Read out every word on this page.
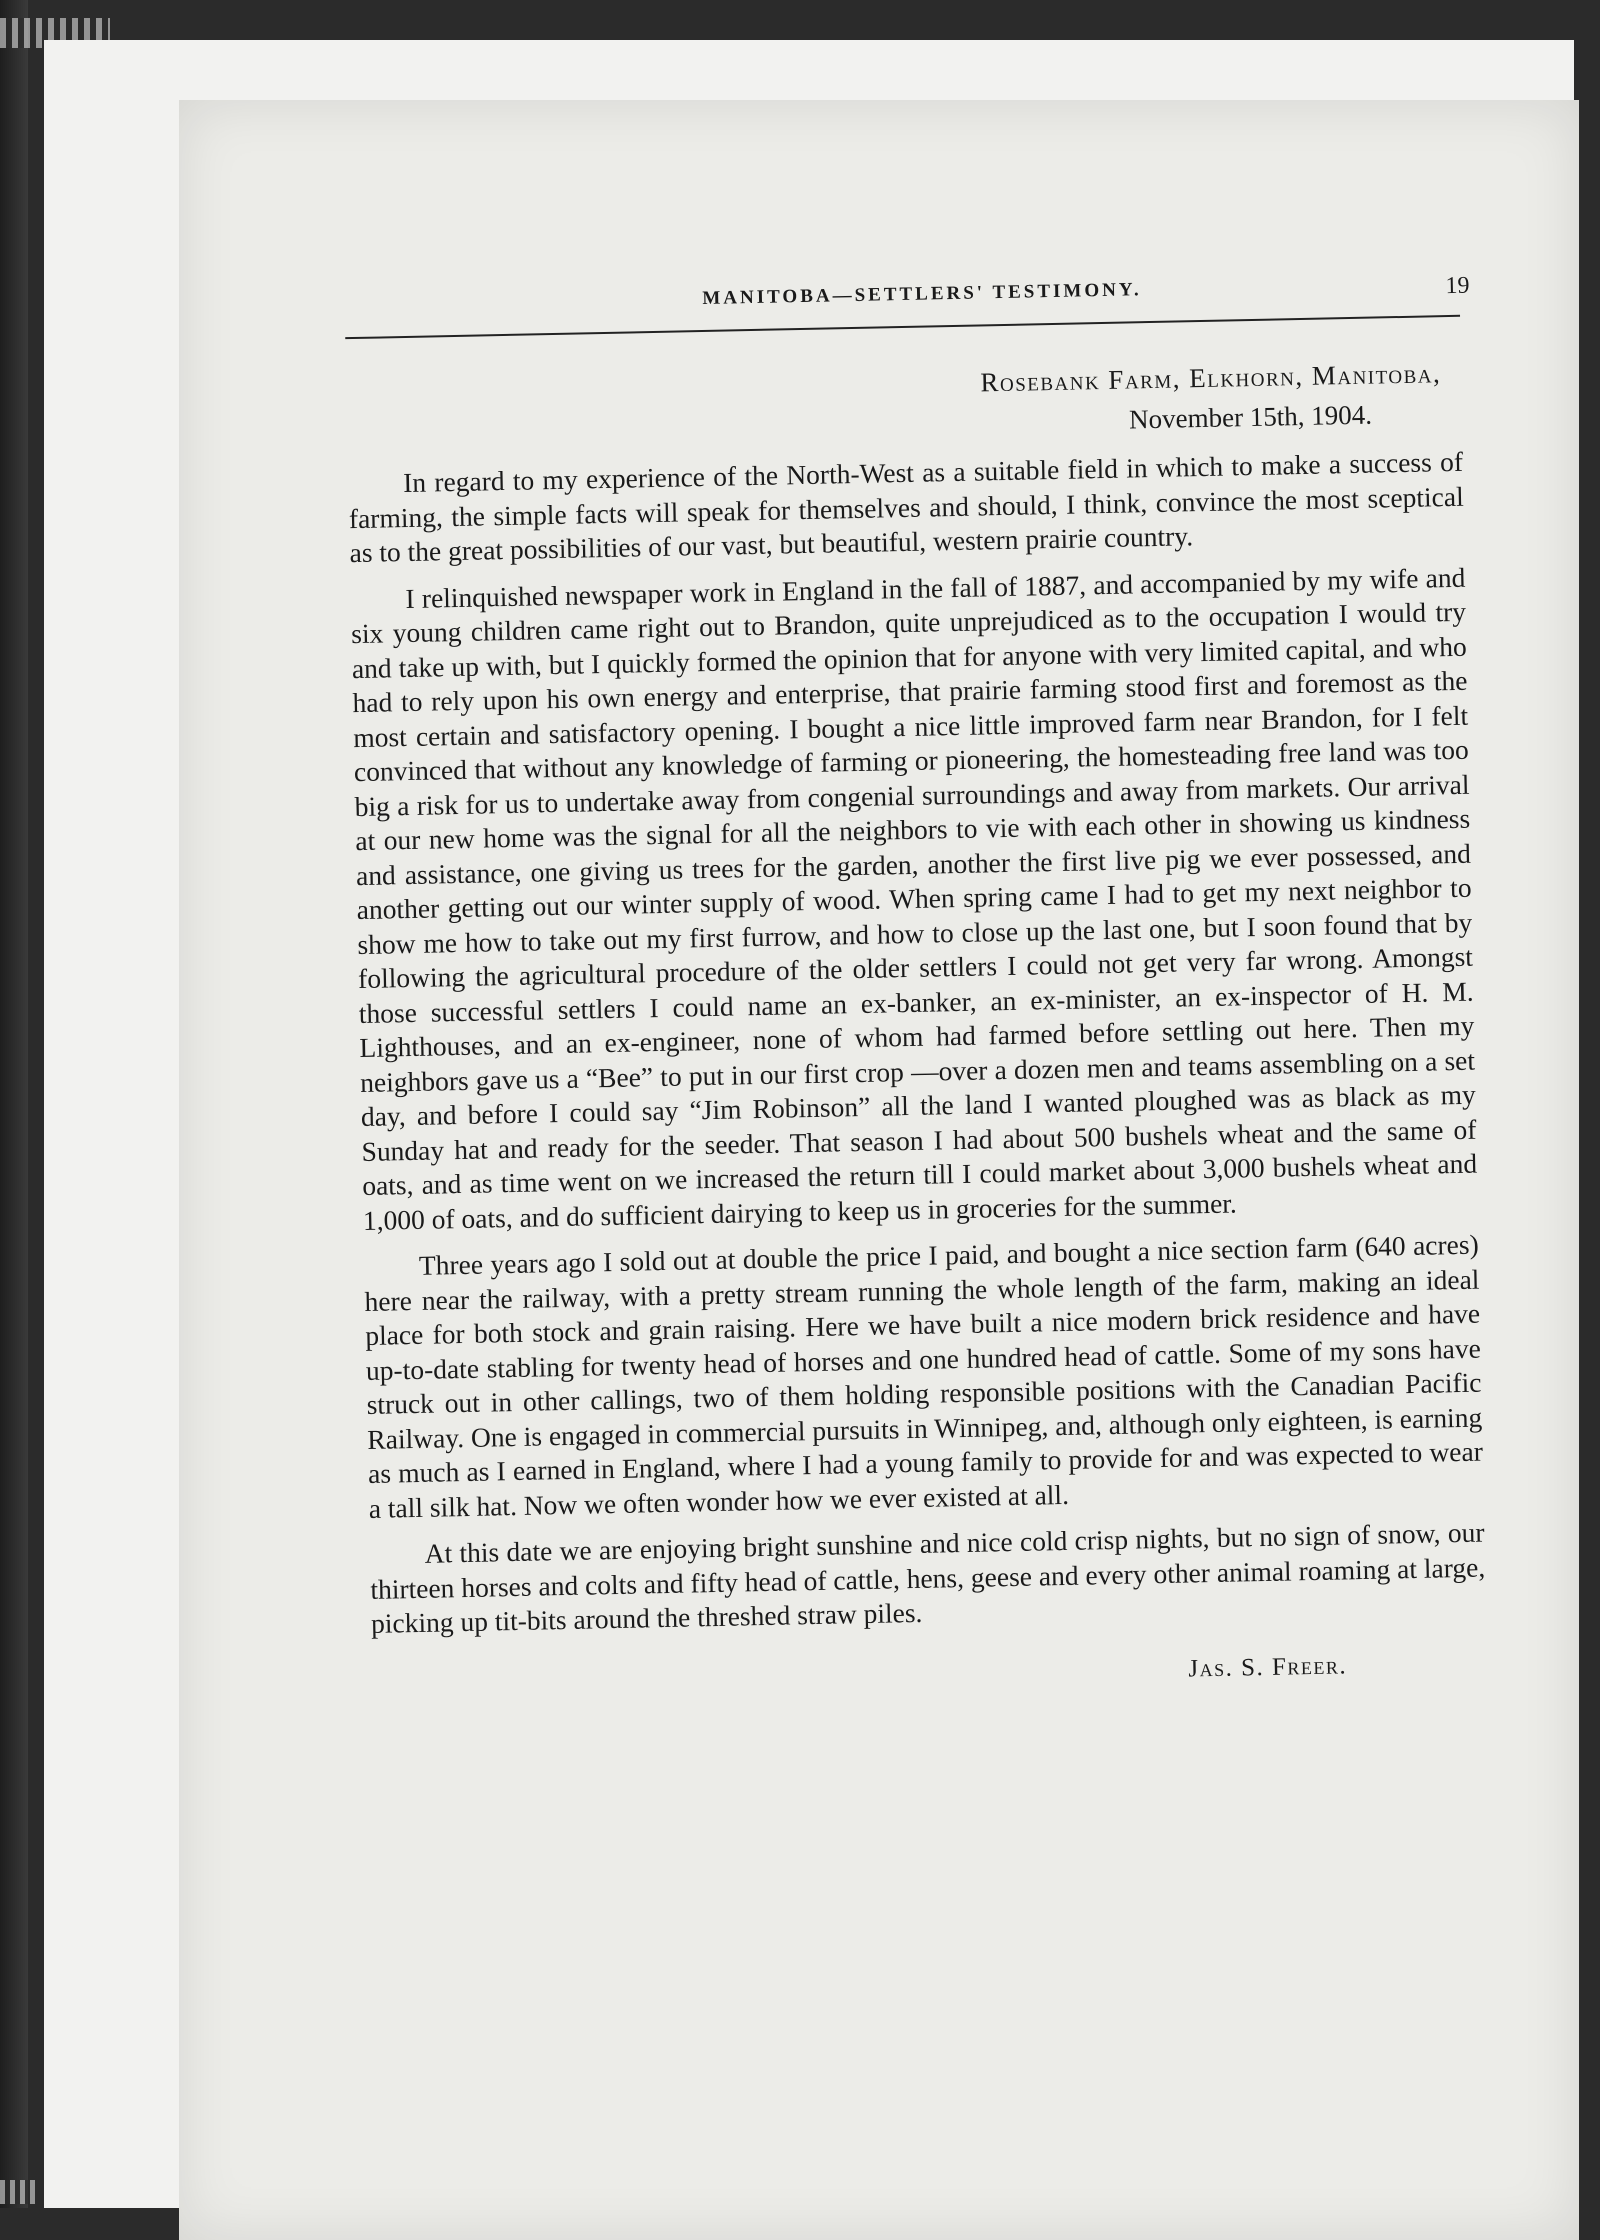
MANITOBA—SETTLERS' TESTIMONY.	19
Rosebank Farm, Elkhorn, Manitoba,
November 15th, 1904.

In regard to my experience of the North-West as a suitable field in which to make a success of farming, the simple facts will speak for themselves and should, I think, convince the most sceptical as to the great possibilities of our vast, but beautiful, western prairie country.

I relinquished newspaper work in England in the fall of 1887, and accompanied by my wife and six young children came right out to Brandon, quite unprejudiced as to the occupation I would try and take up with, but I quickly formed the opinion that for anyone with very limited capital, and who had to rely upon his own energy and enterprise, that prairie farming stood first and foremost as the most certain and satisfactory opening. I bought a nice little improved farm near Brandon, for I felt convinced that without any knowledge of farming or pioneering, the homesteading free land was too big a risk for us to undertake away from congenial surroundings and away from markets. Our arrival at our new home was the signal for all the neighbors to vie with each other in showing us kindness and assistance, one giving us trees for the garden, another the first live pig we ever possessed, and another getting out our winter supply of wood. When spring came I had to get my next neighbor to show me how to take out my first furrow, and how to close up the last one, but I soon found that by following the agricultural procedure of the older settlers I could not get very far wrong. Amongst those successful settlers I could name an ex-banker, an ex-minister, an ex-inspector of H. M. Lighthouses, and an ex-engineer, none of whom had farmed before settling out here. Then my neighbors gave us a “Bee” to put in our first crop —over a dozen men and teams assembling on a set day, and before I could say “Jim Robinson” all the land I wanted ploughed was as black as my Sunday hat and ready for the seeder. That season I had about 500 bushels wheat and the same of oats, and as time went on we increased the return till I could market about 3,000 bushels wheat and 1,000 of oats, and do sufficient dairying to keep us in groceries for the summer.

Three years ago I sold out at double the price I paid, and bought a nice section farm (640 acres) here near the railway, with a pretty stream running the whole length of the farm, making an ideal place for both stock and grain raising. Here we have built a nice modern brick residence and have up-to-date stabling for twenty head of horses and one hundred head of cattle. Some of my sons have struck out in other callings, two of them holding responsible positions with the Canadian Pacific Railway. One is engaged in commercial pursuits in Winnipeg, and, although only eighteen, is earning as much as I earned in England, where I had a young family to provide for and was expected to wear a tall silk hat. Now we often wonder how we ever existed at all.

At this date we are enjoying bright sunshine and nice cold crisp nights, but no sign of snow, our thirteen horses and colts and fifty head of cattle, hens, geese and every other animal roaming at large, picking up tit-bits around the threshed straw piles.

Jas. S. Freer.
